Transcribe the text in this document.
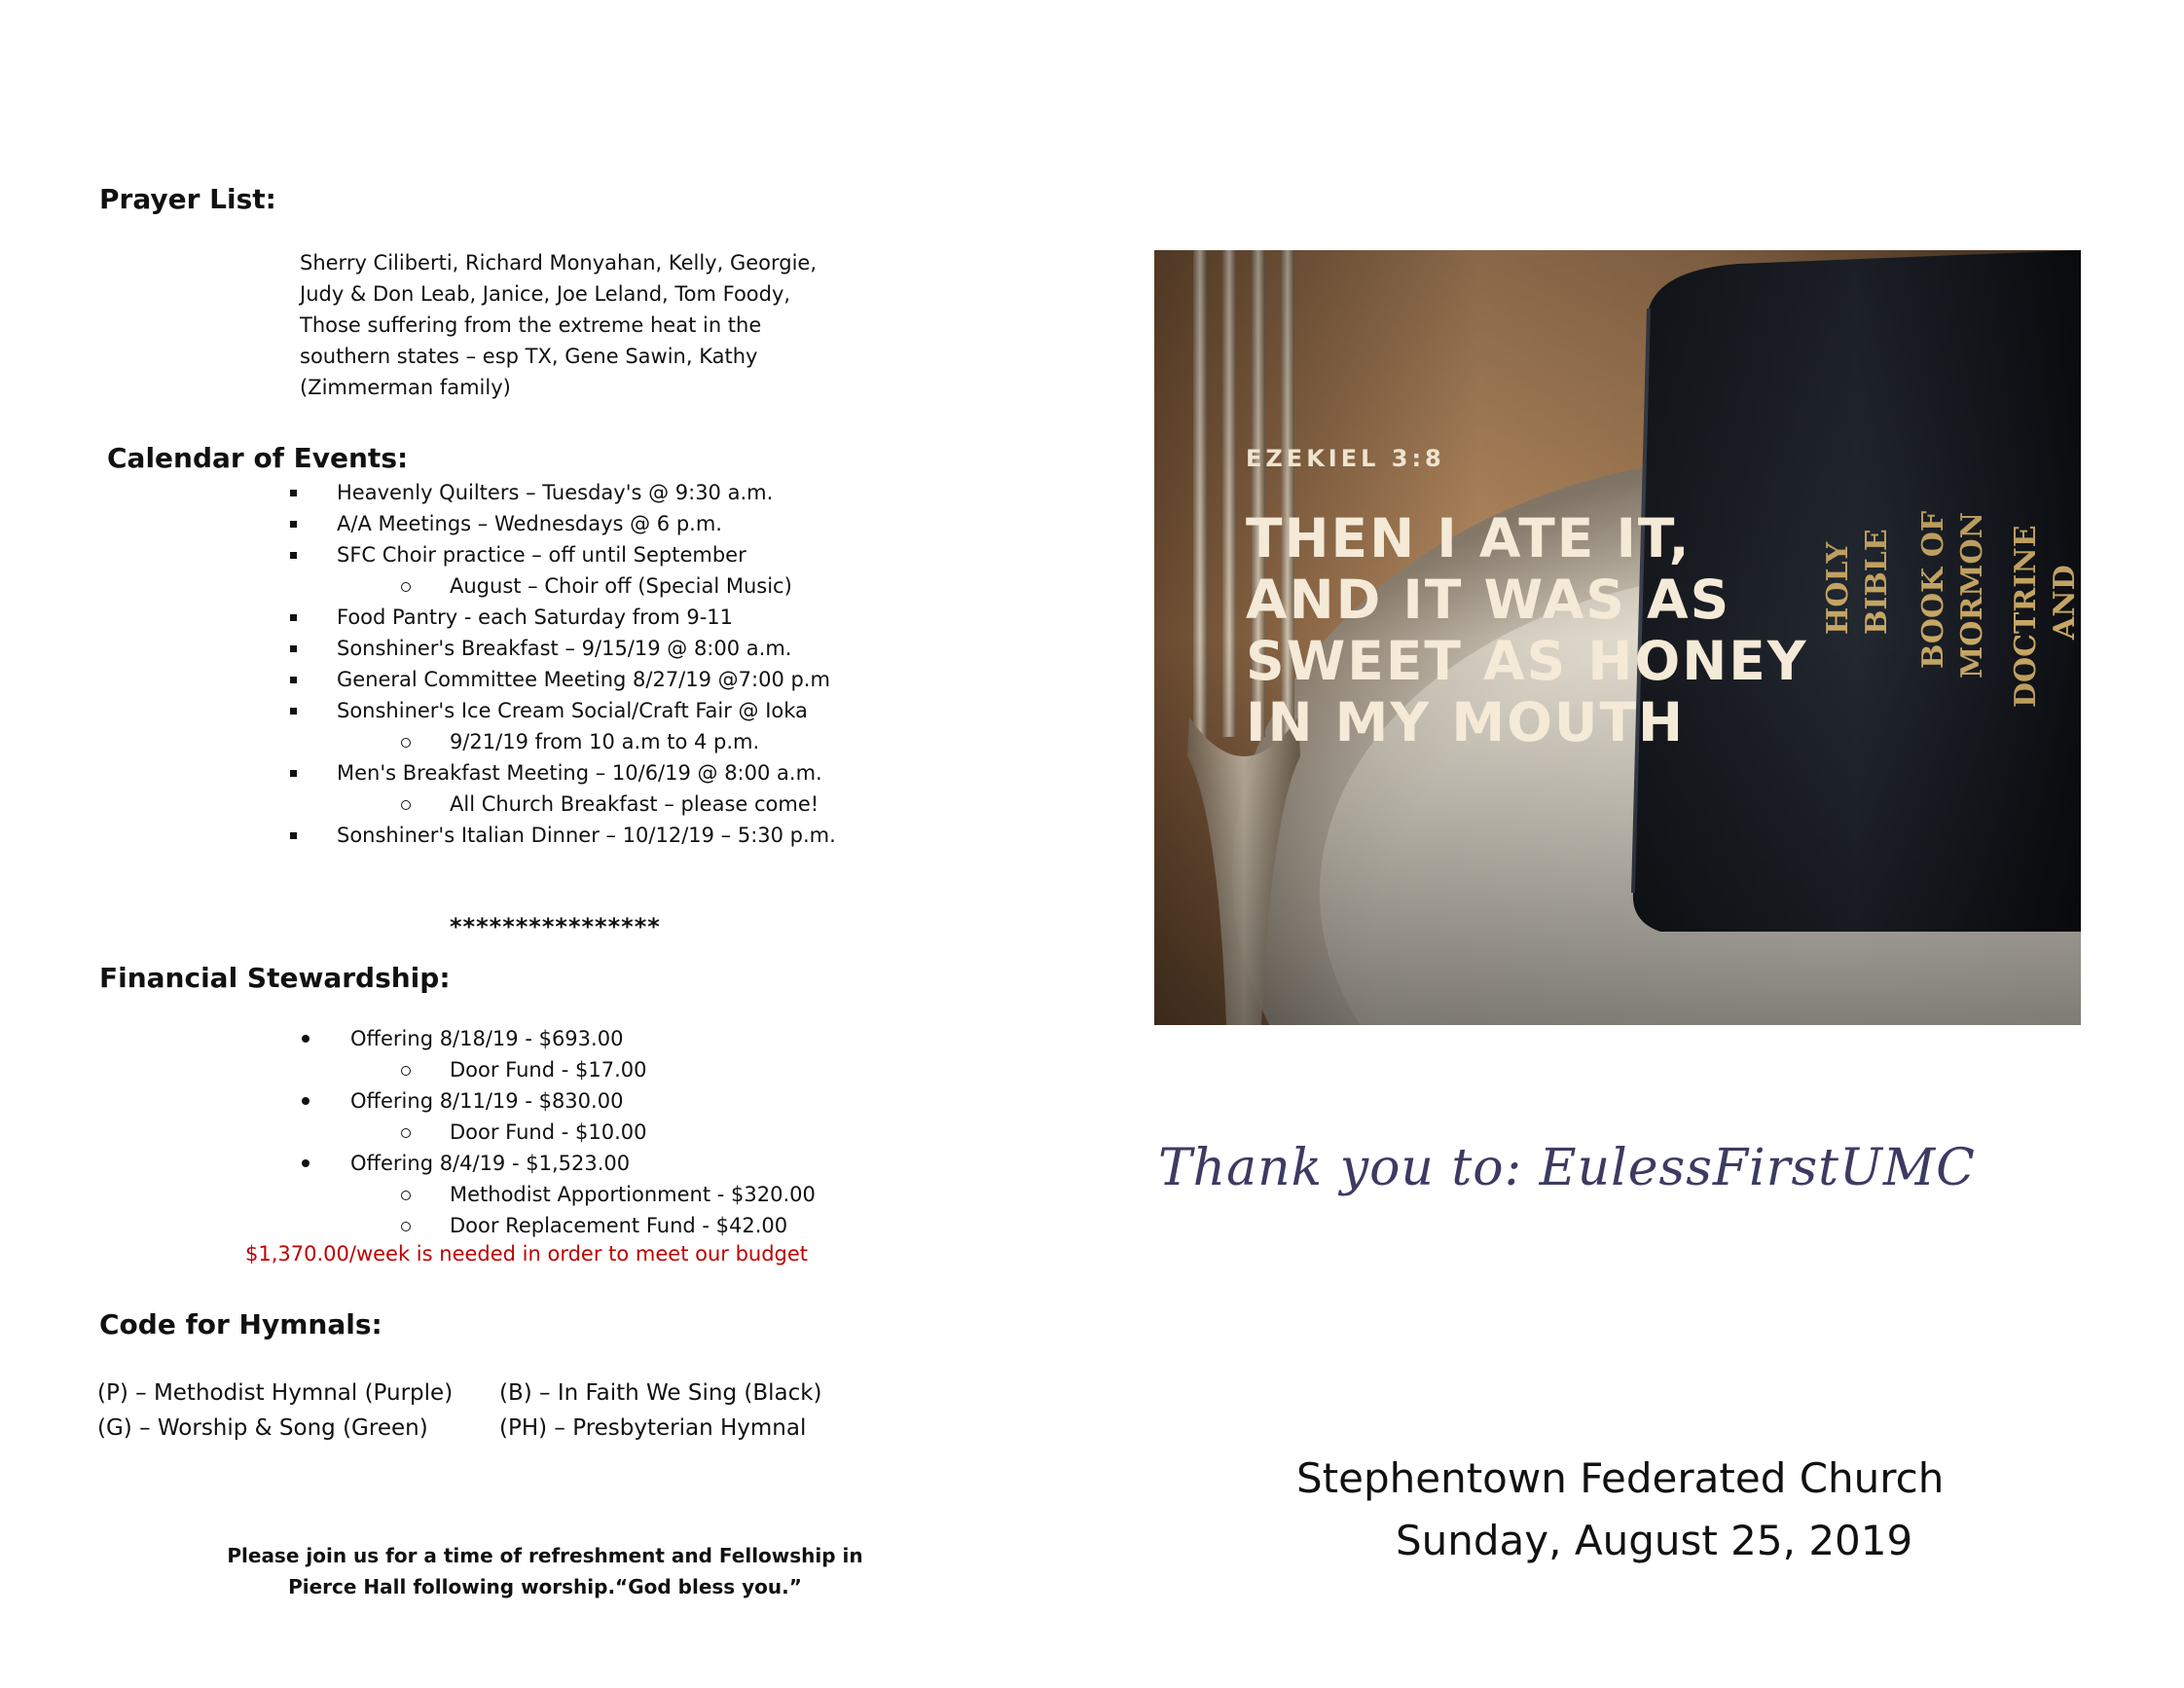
Prayer List:
Sherry Ciliberti, Richard Monyahan, Kelly, Georgie, Judy & Don Leab, Janice, Joe Leland, Tom Foody, Those suffering from the extreme heat in the southern states – esp TX, Gene Sawin, Kathy (Zimmerman family)
Calendar of Events:
Heavenly Quilters – Tuesday's @ 9:30 a.m.
A/A Meetings – Wednesdays @ 6 p.m.
SFC Choir practice – off until September
August – Choir off (Special Music)
Food Pantry - each Saturday from 9-11
Sonshiner's Breakfast – 9/15/19 @ 8:00 a.m.
General Committee Meeting 8/27/19 @7:00 p.m
Sonshiner's Ice Cream Social/Craft Fair @ Ioka
9/21/19 from 10 a.m to 4 p.m.
Men's Breakfast Meeting – 10/6/19 @ 8:00 a.m.
All Church Breakfast – please come!
Sonshiner's Italian Dinner – 10/12/19 – 5:30 p.m.
****************
Financial Stewardship:
Offering 8/18/19 - $693.00
Door Fund - $17.00
Offering 8/11/19 - $830.00
Door Fund - $10.00
Offering 8/4/19 - $1,523.00
Methodist Apportionment - $320.00
Door Replacement Fund - $42.00
$1,370.00/week is needed in order to meet our budget
Code for Hymnals:
(P) – Methodist Hymnal (Purple) (B) – In Faith We Sing (Black)
(G) – Worship & Song (Green)	(PH) – Presbyterian Hymnal
Please join us for a time of refreshment and Fellowship in
Pierce Hall following worship.“God bless you.”
EZEKIEL 3:8
THEN I ATE IT,
AND IT WAS AS
SWEET AS HONEY
IN MY MOUTH
Thank you to: EulessFirstUMC
Stephentown Federated Church
Sunday, August 25, 2019
